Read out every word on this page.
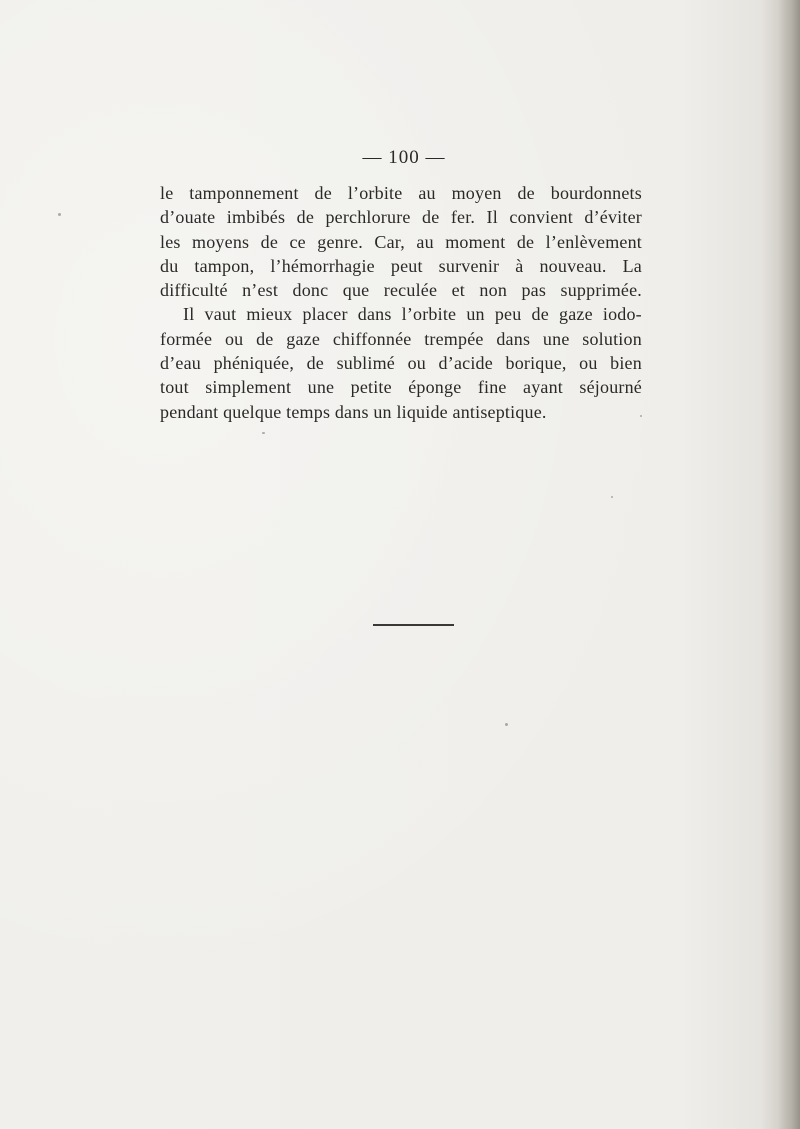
— 100 —
le tamponnement de l’orbite au moyen de bourdonnets
d’ouate imbibés de perchlorure de fer. Il convient d’éviter
les moyens de ce genre. Car, au moment de l’enlèvement
du tampon, l’hémorrhagie peut survenir à nouveau. La
difficulté n’est donc que reculée et non pas supprimée.
Il vaut mieux placer dans l’orbite un peu de gaze iodo-
formée ou de gaze chiffonnée trempée dans une solution
d’eau phéniquée, de sublimé ou d’acide borique, ou bien
tout simplement une petite éponge fine ayant séjourné
pendant quelque temps dans un liquide antiseptique.
